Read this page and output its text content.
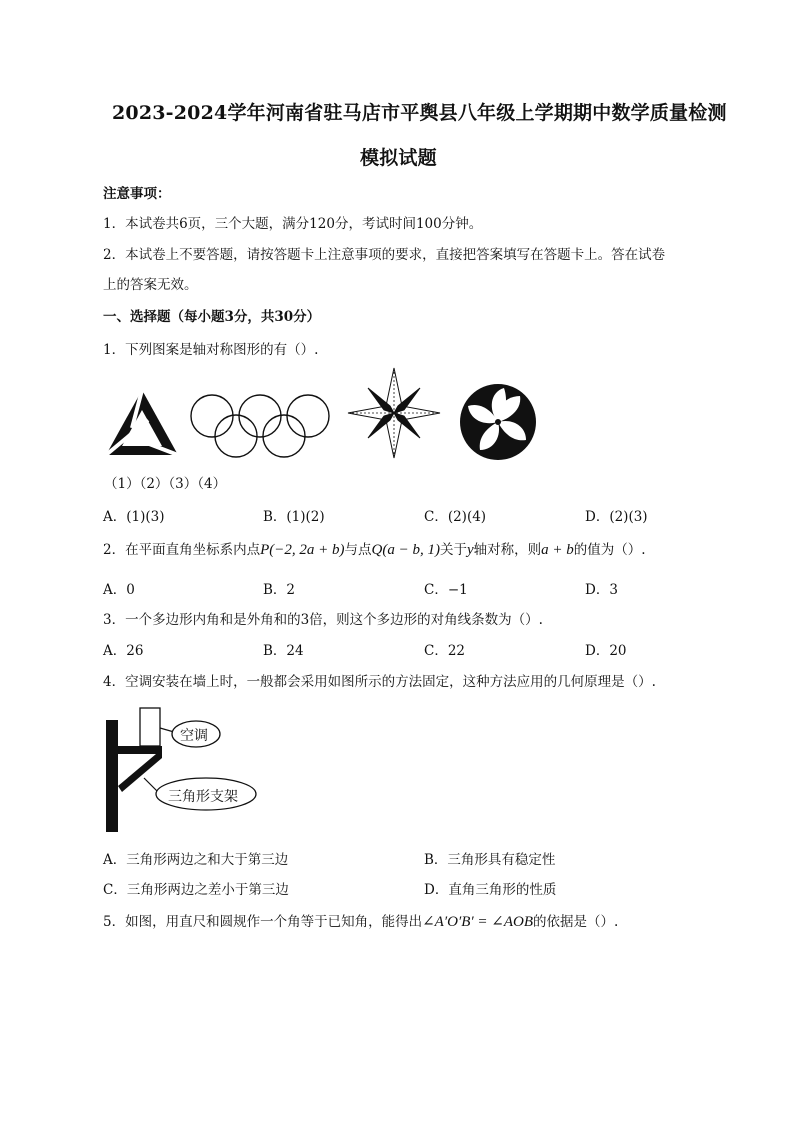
2023-2024学年河南省驻马店市平舆县八年级上学期期中数学质量检测
模拟试题
注意事项：
1．本试卷共6页，三个大题，满分120分，考试时间100分钟。
2．本试卷上不要答题，请按答题卡上注意事项的要求，直接把答案填写在答题卡上。答在试卷
上的答案无效。
一、选择题（每小题3分，共30分）
1．下列图案是轴对称图形的有（）.
（1）（2）（3）（4）
A．(1)(3)	B．(1)(2)	C．(2)(4)	D．(2)(3)
2．在平面直角坐标系内点P(−2, 2a + b)与点Q(a − b, 1)关于y轴对称，则a + b的值为（）.
A．0	B．2	C．−1	D．3
3．一个多边形内角和是外角和的3倍，则这个多边形的对角线条数为（）.
A．26	B．24	C．22	D．20
4．空调安装在墙上时，一般都会采用如图所示的方法固定，这种方法应用的几何原理是（）.
空调
三角形支架
A．三角形两边之和大于第三边	B．三角形具有稳定性
C．三角形两边之差小于第三边	D．直角三角形的性质
5．如图，用直尺和圆规作一个角等于已知角，能得出∠A′O′B′ = ∠AOB的依据是（）.
